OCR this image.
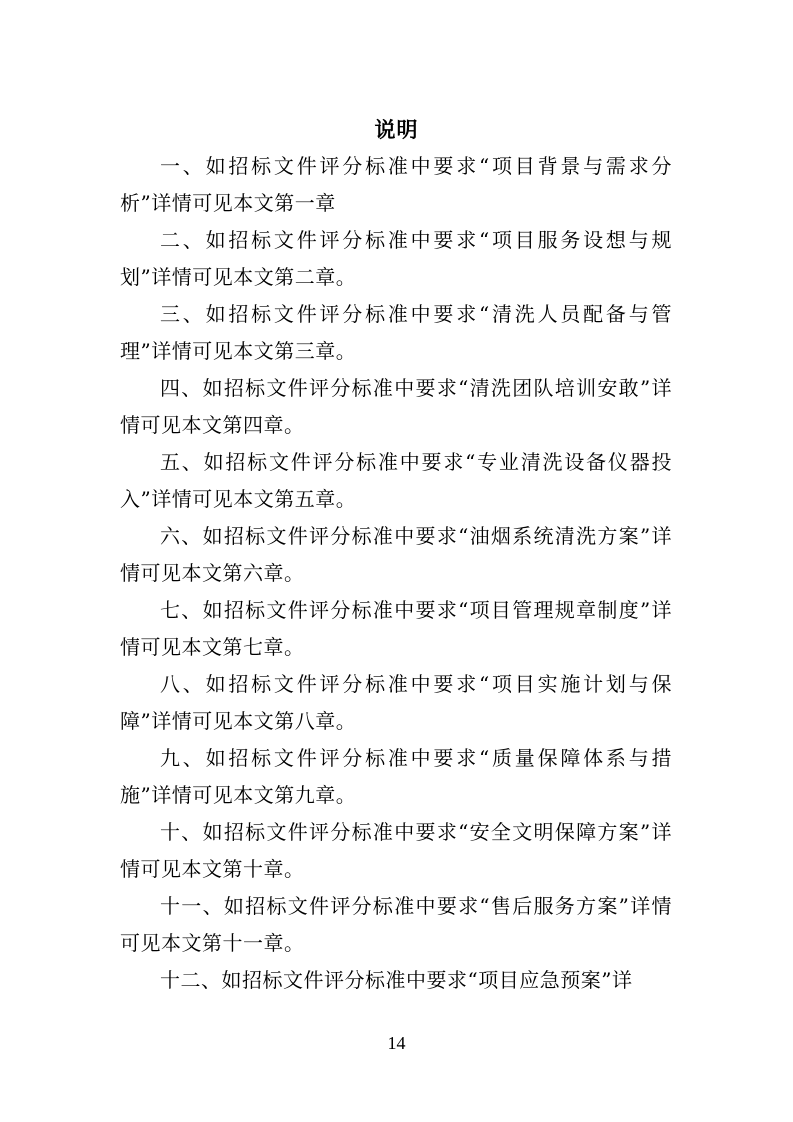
说明

一、如招标文件评分标准中要求“项目背景与需求分析”详情可见本文第一章

二、如招标文件评分标准中要求“项目服务设想与规划”详情可见本文第二章。

三、如招标文件评分标准中要求“清洗人员配备与管理”详情可见本文第三章。

四、如招标文件评分标准中要求“清洗团队培训安敢”详情可见本文第四章。

五、如招标文件评分标准中要求“专业清洗设备仪器投入”详情可见本文第五章。

六、如招标文件评分标准中要求“油烟系统清洗方案”详情可见本文第六章。

七、如招标文件评分标准中要求“项目管理规章制度”详情可见本文第七章。

八、如招标文件评分标准中要求“项目实施计划与保障”详情可见本文第八章。

九、如招标文件评分标准中要求“质量保障体系与措施”详情可见本文第九章。

十、如招标文件评分标准中要求“安全文明保障方案”详情可见本文第十章。

十一、如招标文件评分标准中要求“售后服务方案”详情可见本文第十一章。

十二、如招标文件评分标准中要求“项目应急预案”详

14
